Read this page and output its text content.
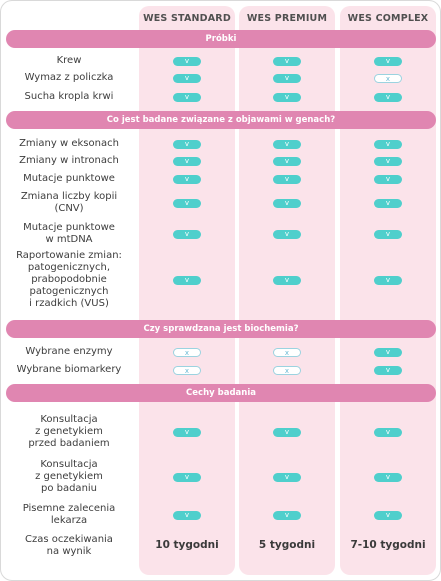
WES STANDARD	WES PREMIUM	WES COMPLEX
Próbki
Krew	v	v	v
Wymaz z policzka	v	v	x
Sucha kropla krwi	v	v	v
Co jest badane związane z objawami w genach?
Zmiany w eksonach	v	v	v
Zmiany w intronach	v	v	v
Mutacje punktowe	v	v	v
Zmiana liczby kopii
(CNV)
v	v	v
Mutacje punktowe
w mtDNA
v	v	v
Raportowanie zmian:
patogenicznych,
prabopodobnie
patogenicznych
i rzadkich (VUS)
v	v	v
Czy sprawdzana jest biochemia?
Wybrane enzymy	x	x	v
Wybrane biomarkery	x	x	v
Cechy badania
Konsultacja
z genetykiem
przed badaniem
v	v	v
Konsultacja
z genetykiem
po badaniu
v	v	v
Pisemne zalecenia
lekarza
v	v	v
Czas oczekiwania
na wynik
10 tygodni	5 tygodni	7-10 tygodni
